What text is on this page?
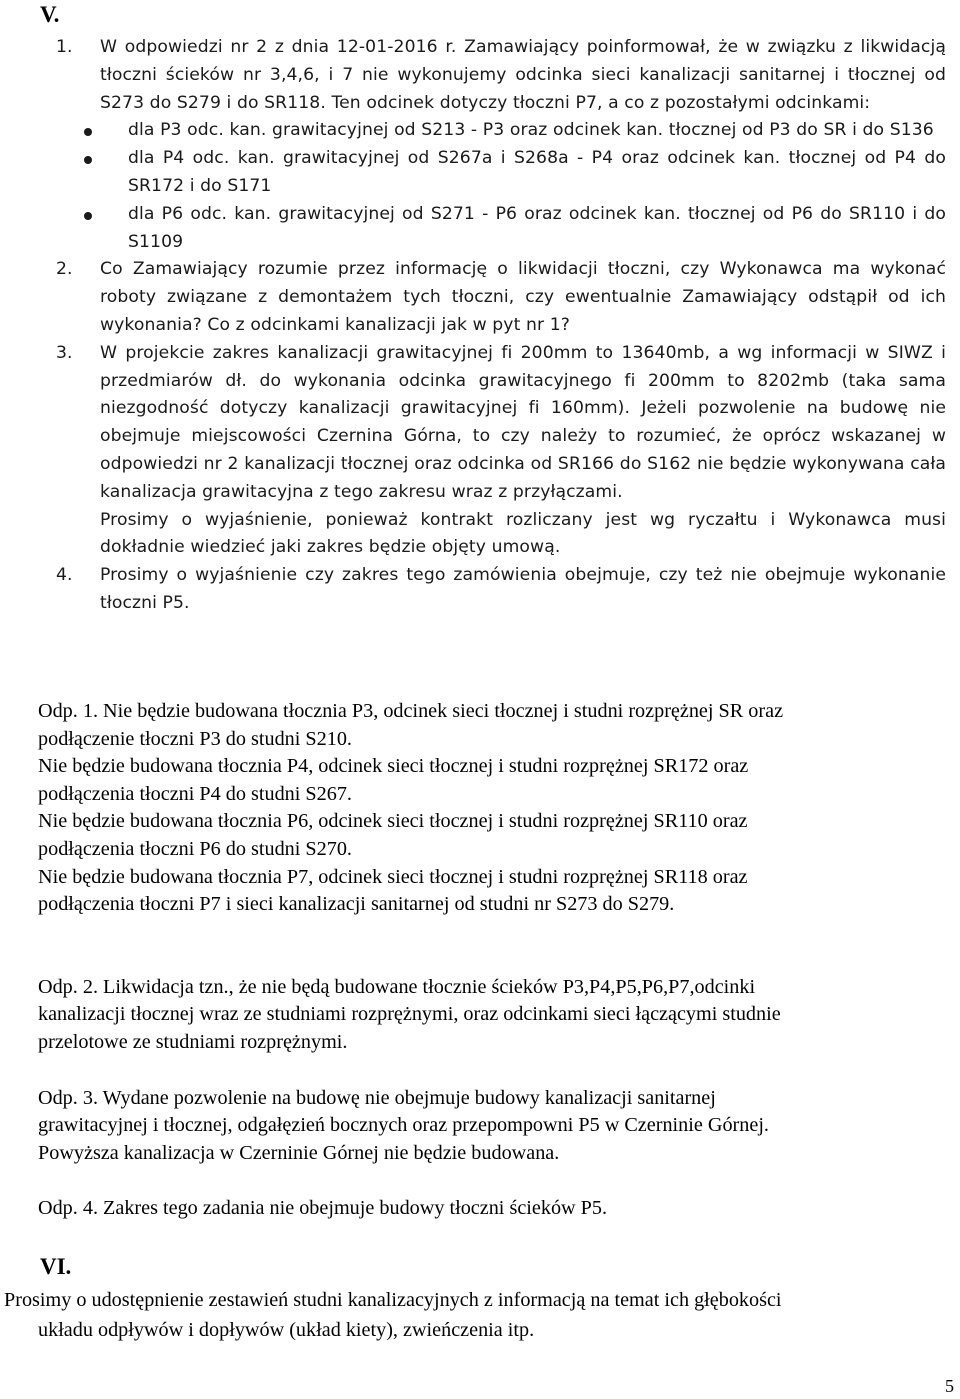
V.
1. W odpowiedzi nr 2 z dnia 12-01-2016 r. Zamawiający poinformował, że w związku z likwidacją tłoczni ścieków nr 3,4,6, i 7 nie wykonujemy odcinka sieci kanalizacji sanitarnej i tłocznej od S273 do S279 i do SR118. Ten odcinek dotyczy tłoczni P7, a co z pozostałymi odcinkami:
dla P3 odc. kan. grawitacyjnej od S213 - P3 oraz odcinek kan. tłocznej od P3 do SR i do S136
dla P4 odc. kan. grawitacyjnej od S267a i S268a - P4 oraz odcinek kan. tłocznej od P4 do SR172 i do S171
dla P6 odc. kan. grawitacyjnej od S271 - P6 oraz odcinek kan. tłocznej od P6 do SR110 i do S1109
2. Co Zamawiający rozumie przez informację o likwidacji tłoczni, czy Wykonawca ma wykonać roboty związane z demontażem tych tłoczni, czy ewentualnie Zamawiający odstąpił od ich wykonania? Co z odcinkami kanalizacji jak w pyt nr 1?
3. W projekcie zakres kanalizacji grawitacyjnej fi 200mm to 13640mb, a wg informacji w SIWZ i przedmiarów dł. do wykonania odcinka grawitacyjnego fi 200mm to 8202mb (taka sama niezgodność dotyczy kanalizacji grawitacyjnej fi 160mm). Jeżeli pozwolenie na budowę nie obejmuje miejscowości Czernina Górna, to czy należy to rozumieć, że oprócz wskazanej w odpowiedzi nr 2 kanalizacji tłocznej oraz odcinka od SR166 do S162 nie będzie wykonywana cała kanalizacja grawitacyjna z tego zakresu wraz z przyłączami.
Prosimy o wyjaśnienie, ponieważ kontrakt rozliczany jest wg ryczałtu i Wykonawca musi dokładnie wiedzieć jaki zakres będzie objęty umową.
4. Prosimy o wyjaśnienie czy zakres tego zamówienia obejmuje, czy też nie obejmuje wykonanie tłoczni P5.

Odp. 1. Nie będzie budowana tłocznia P3, odcinek sieci tłocznej i studni rozprężnej SR oraz

podłączenie tłoczni P3 do studni S210.

Nie będzie budowana tłocznia P4, odcinek sieci tłocznej i studni rozprężnej SR172 oraz

podłączenia tłoczni P4 do studni S267.

Nie będzie budowana tłocznia P6, odcinek sieci tłocznej i studni rozprężnej SR110 oraz

podłączenia tłoczni P6 do studni S270.

Nie będzie budowana tłocznia P7, odcinek sieci tłocznej i studni rozprężnej SR118 oraz

podłączenia tłoczni P7 i sieci kanalizacji sanitarnej od studni nr S273 do S279.

Odp. 2. Likwidacja tzn., że nie będą budowane tłocznie ścieków P3,P4,P5,P6,P7,odcinki

kanalizacji tłocznej wraz ze studniami rozprężnymi, oraz odcinkami sieci łączącymi studnie

przelotowe ze studniami rozprężnymi.

Odp. 3. Wydane pozwolenie na budowę nie obejmuje budowy kanalizacji sanitarnej

grawitacyjnej i tłocznej, odgałęzień bocznych oraz przepompowni P5 w Czerninie Górnej.

Powyższa kanalizacja w Czerninie Górnej nie będzie budowana.

Odp. 4. Zakres tego zadania nie obejmuje budowy tłoczni ścieków P5.

VI.
Prosimy o udostępnienie zestawień studni kanalizacyjnych z informacją na temat ich głębokości
układu odpływów i dopływów (układ kiety), zwieńczenia itp.
5
